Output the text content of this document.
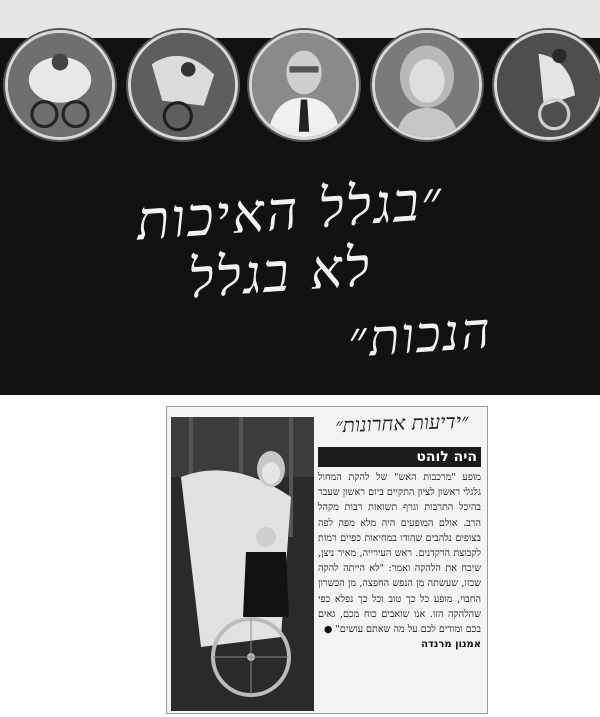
״בגלל האיכות
לא בגלל
הנכות״
״ידיעות אחרונות״
היה לוהט
מופע "מרכבות האש" של להקת המחול גלגלי ראשון לציון התקיים ביום ראשון שעבר בהיכל התרבות וגרף תשואות רבות מקהל הרב. אולם המופעים היה מלא מפה לפה בצופים נלהבים שהודו במחיאות כפיים רמות לקבוצת הרקדנים. ראש העירייה, מאיר ניצן, שיבח את הלהקה ואמר: "לא הייתה להקה שכזו, שעשתה מן הנפש החפצה, מן הכשרון החבוי, מופע כל כך טוב וכל כך נפלא כפי שהלהקה הזו. אנו שואבים כוח מכם, גאים בכם ומודים לכם על מה שאתם עושים" ●
אמנון מרנדה
